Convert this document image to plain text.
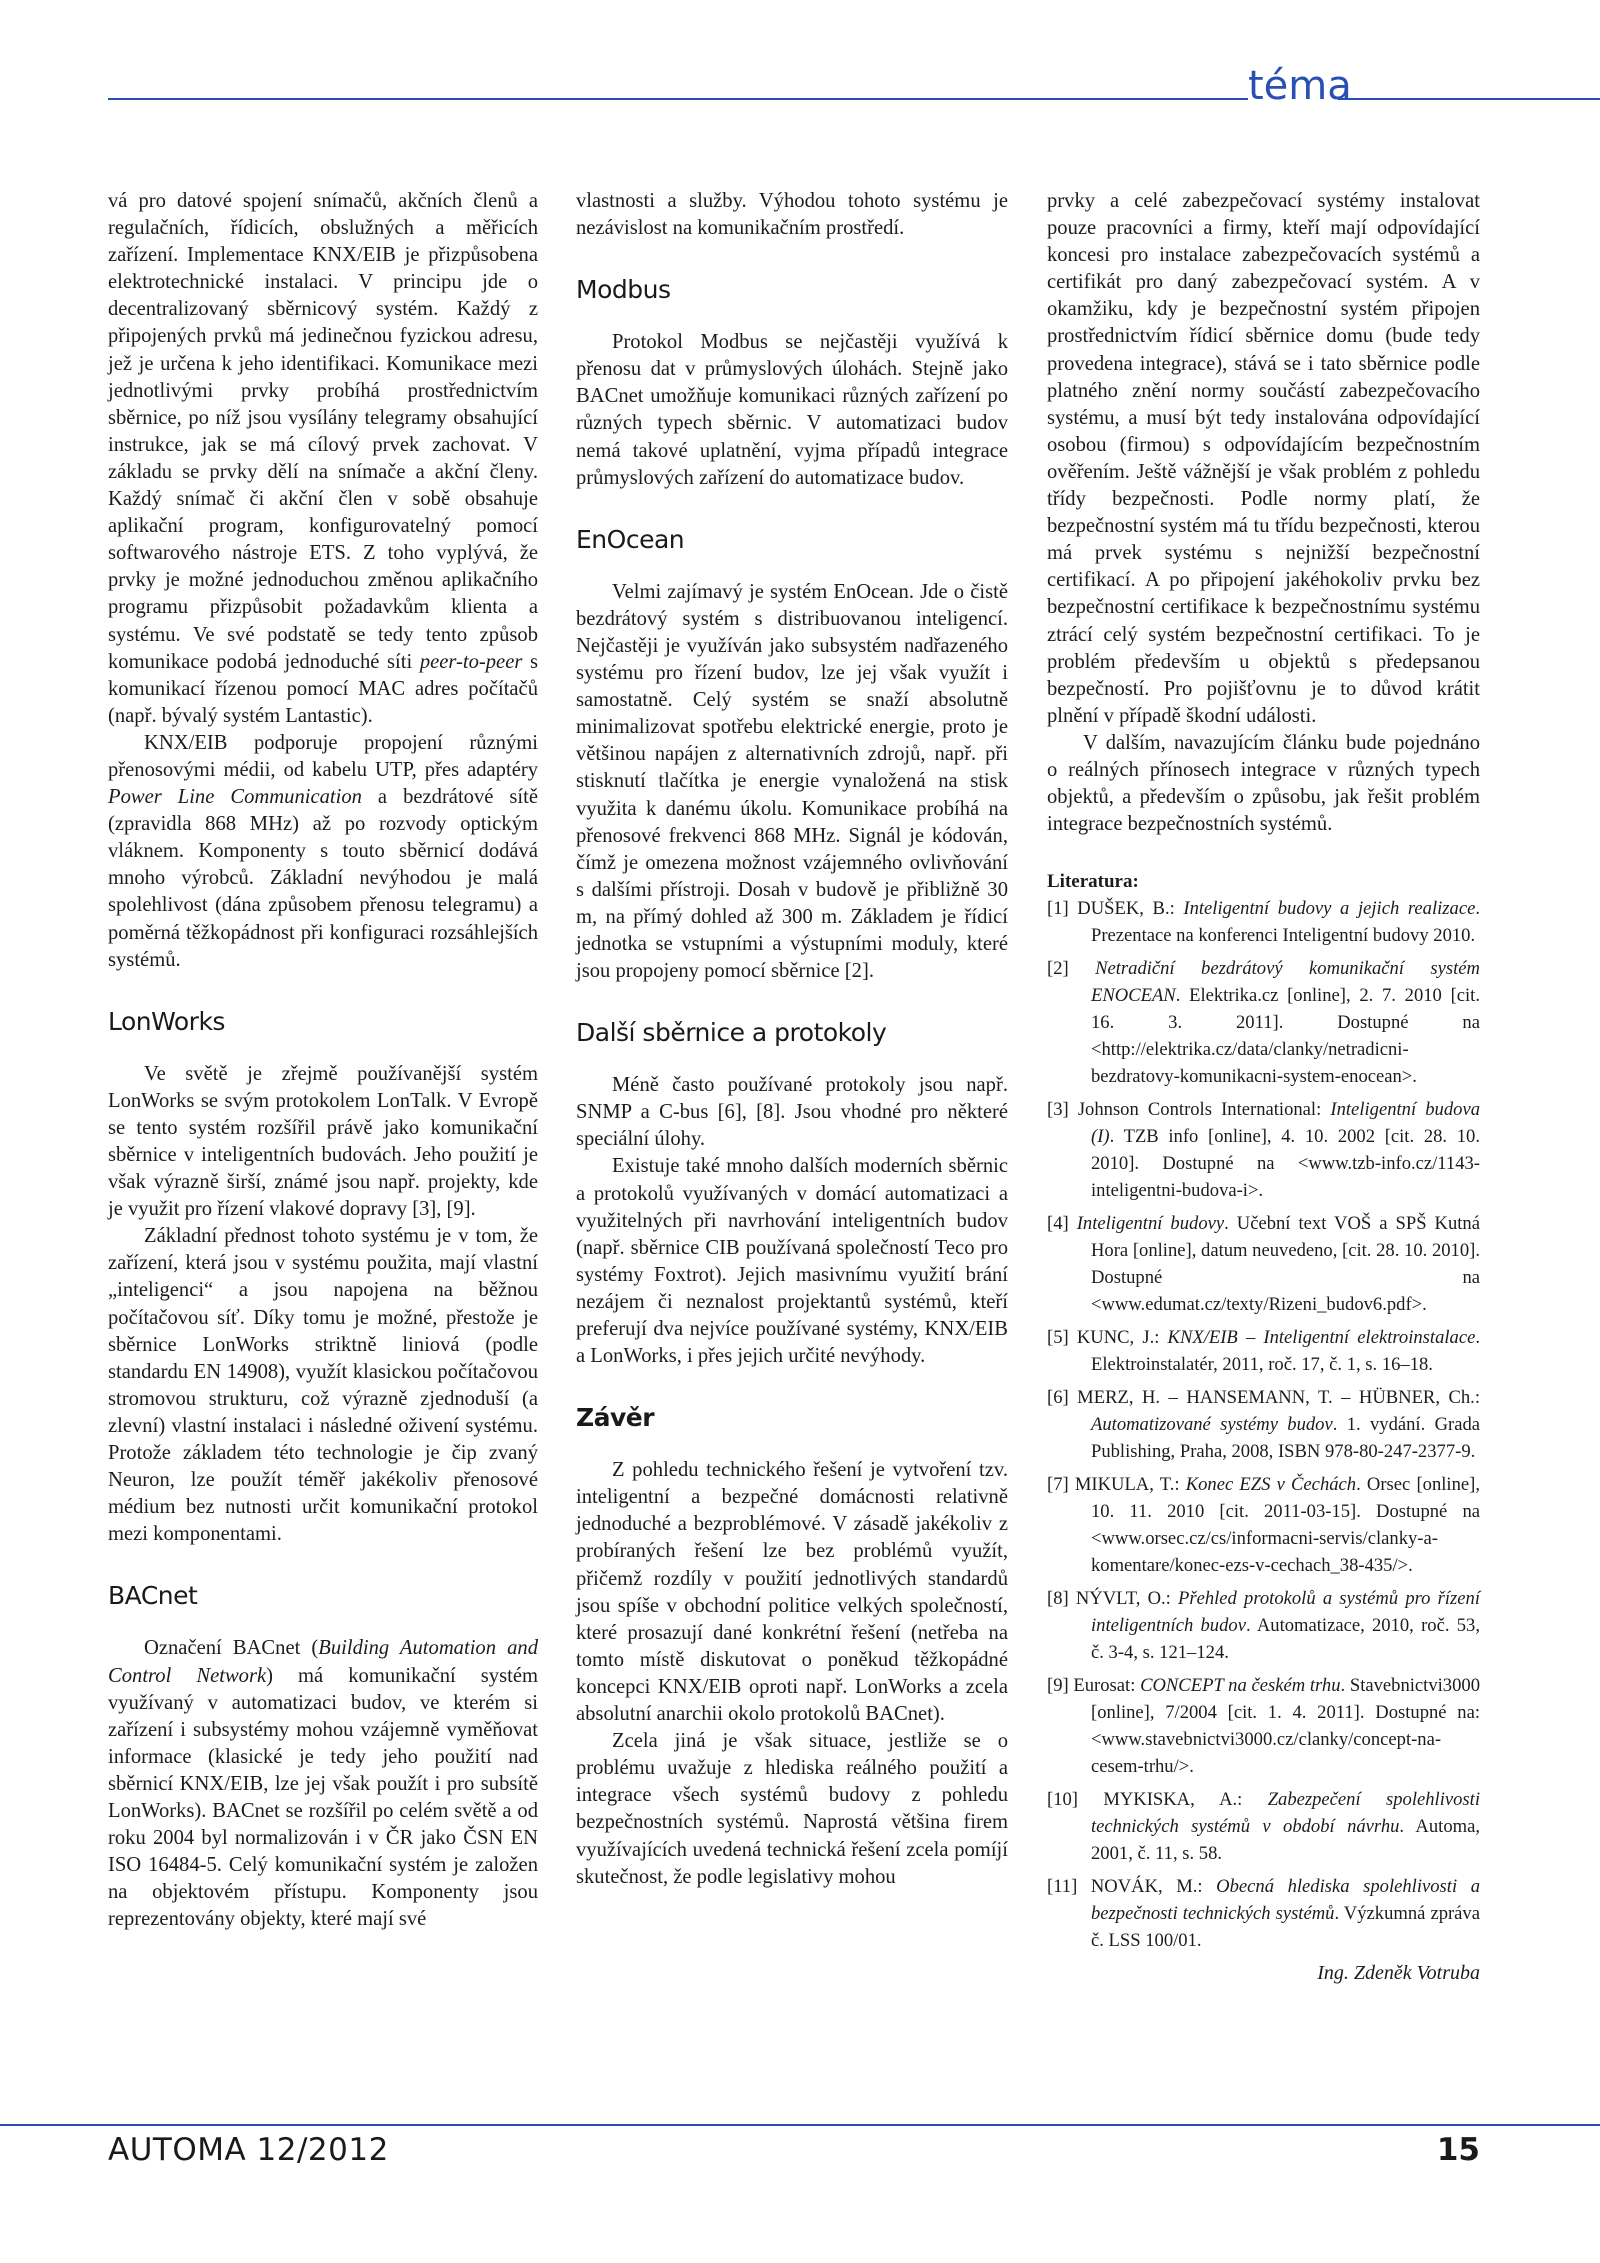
téma

vá pro datové spojení snímačů, akčních členů a regulačních, řídicích, obslužných a měřicích zařízení. Implementace KNX/EIB je přizpůsobena elektrotechnické instalaci. V principu jde o decentralizovaný sběrnicový systém. Každý z připojených prvků má jedinečnou fyzickou adresu, jež je určena k jeho identifikaci. Komunikace mezi jednotlivými prvky probíhá prostřednictvím sběrnice, po níž jsou vysílány telegramy obsahující instrukce, jak se má cílový prvek zachovat. V základu se prvky dělí na snímače a akční členy. Každý snímač či akční člen v sobě obsahuje aplikační program, konfigurovatelný pomocí softwarového nástroje ETS. Z toho vyplývá, že prvky je možné jednoduchou změnou aplikačního programu přizpůsobit požadavkům klienta a systému. Ve své podstatě se tedy tento způsob komunikace podobá jednoduché síti peer-to-peer s komunikací řízenou pomocí MAC adres počítačů (např. bývalý systém Lantastic).

KNX/EIB podporuje propojení různými přenosovými médii, od kabelu UTP, přes adaptéry Power Line Communication a bezdrátové sítě (zpravidla 868 MHz) až po rozvody optickým vláknem. Komponenty s touto sběrnicí dodává mnoho výrobců. Základní nevýhodou je malá spolehlivost (dána způsobem přenosu telegramu) a poměrná těžkopádnost při konfiguraci rozsáhlejších systémů.

LonWorks

Ve světě je zřejmě používanější systém LonWorks se svým protokolem LonTalk. V Evropě se tento systém rozšířil právě jako komunikační sběrnice v inteligentních budovách. Jeho použití je však výrazně širší, známé jsou např. projekty, kde je využit pro řízení vlakové dopravy [3], [9].

Základní přednost tohoto systému je v tom, že zařízení, která jsou v systému použita, mají vlastní „inteligenci“ a jsou napojena na běžnou počítačovou síť. Díky tomu je možné, přestože je sběrnice LonWorks striktně liniová (podle standardu EN 14908), využít klasickou počítačovou stromovou strukturu, což výrazně zjednoduší (a zlevní) vlastní instalaci i následné oživení systému. Protože základem této technologie je čip zvaný Neuron, lze použít téměř jakékoliv přenosové médium bez nutnosti určit komunikační protokol mezi komponentami.

BACnet

Označení BACnet (Building Automation and Control Network) má komunikační systém využívaný v automatizaci budov, ve kterém si zařízení i subsystémy mohou vzájemně vyměňovat informace (klasické je tedy jeho použití nad sběrnicí KNX/EIB, lze jej však použít i pro subsítě LonWorks). BACnet se rozšířil po celém světě a od roku 2004 byl normalizován i v ČR jako ČSN EN ISO 16484-5. Celý komunikační systém je založen na objektovém přístupu. Komponenty jsou reprezentovány objekty, které mají své

vlastnosti a služby. Výhodou tohoto systému je nezávislost na komunikačním prostředí.

Modbus

Protokol Modbus se nejčastěji využívá k přenosu dat v průmyslových úlohách. Stejně jako BACnet umožňuje komunikaci různých zařízení po různých typech sběrnic. V automatizaci budov nemá takové uplatnění, vyjma případů integrace průmyslových zařízení do automatizace budov.

EnOcean

Velmi zajímavý je systém EnOcean. Jde o čistě bezdrátový systém s distribuovanou inteligencí. Nejčastěji je využíván jako subsystém nadřazeného systému pro řízení budov, lze jej však využít i samostatně. Celý systém se snaží absolutně minimalizovat spotřebu elektrické energie, proto je většinou napájen z alternativních zdrojů, např. při stisknutí tlačítka je energie vynaložená na stisk využita k danému úkolu. Komunikace probíhá na přenosové frekvenci 868 MHz. Signál je kódován, čímž je omezena možnost vzájemného ovlivňování s dalšími přístroji. Dosah v budově je přibližně 30 m, na přímý dohled až 300 m. Základem je řídicí jednotka se vstupními a výstupními moduly, které jsou propojeny pomocí sběrnice [2].

Další sběrnice a protokoly

Méně často používané protokoly jsou např. SNMP a C-bus [6], [8]. Jsou vhodné pro některé speciální úlohy.

Existuje také mnoho dalších moderních sběrnic a protokolů využívaných v domácí automatizaci a využitelných při navrhování inteligentních budov (např. sběrnice CIB používaná společností Teco pro systémy Foxtrot). Jejich masivnímu využití brání nezájem či neznalost projektantů systémů, kteří preferují dva nejvíce používané systémy, KNX/EIB a LonWorks, i přes jejich určité nevýhody.

Závěr

Z pohledu technického řešení je vytvoření tzv. inteligentní a bezpečné domácnosti relativně jednoduché a bezproblémové. V zásadě jakékoliv z probíraných řešení lze bez problémů využít, přičemž rozdíly v použití jednotlivých standardů jsou spíše v obchodní politice velkých společností, které prosazují dané konkrétní řešení (netřeba na tomto místě diskutovat o poněkud těžkopádné koncepci KNX/EIB oproti např. LonWorks a zcela absolutní anarchii okolo protokolů BACnet).

Zcela jiná je však situace, jestliže se o problému uvažuje z hlediska reálného použití a integrace všech systémů budovy z pohledu bezpečnostních systémů. Naprostá většina firem využívajících uvedená technická řešení zcela pomíjí skutečnost, že podle legislativy mohou

prvky a celé zabezpečovací systémy instalovat pouze pracovníci a firmy, kteří mají odpovídající koncesi pro instalace zabezpečovacích systémů a certifikát pro daný zabezpečovací systém. A v okamžiku, kdy je bezpečnostní systém připojen prostřednictvím řídicí sběrnice domu (bude tedy provedena integrace), stává se i tato sběrnice podle platného znění normy součástí zabezpečovacího systému, a musí být tedy instalována odpovídající osobou (firmou) s odpovídajícím bezpečnostním ověřením. Ještě vážnější je však problém z pohledu třídy bezpečnosti. Podle normy platí, že bezpečnostní systém má tu třídu bezpečnosti, kterou má prvek systému s nejnižší bezpečnostní certifikací. A po připojení jakéhokoliv prvku bez bezpečnostní certifikace k bezpečnostnímu systému ztrácí celý systém bezpečnostní certifikaci. To je problém především u objektů s předepsanou bezpečností. Pro pojišťovnu je to důvod krátit plnění v případě škodní události.

V dalším, navazujícím článku bude pojednáno o reálných přínosech integrace v různých typech objektů, a především o způsobu, jak řešit problém integrace bezpečnostních systémů.

Literatura:
[1] DUŠEK, B.: Inteligentní budovy a jejich realizace. Prezentace na konferenci Inteligentní budovy 2010.
[2] Netradiční bezdrátový komunikační systém ENOCEAN. Elektrika.cz [online], 2. 7. 2010 [cit. 16. 3. 2011]. Dostupné na <http://elektrika.cz/data/clanky/netradicni-bezdratovy-komunikacni-system-enocean>.
[3] Johnson Controls International: Inteligentní budova (I). TZB info [online], 4. 10. 2002 [cit. 28. 10. 2010]. Dostupné na <www.tzb-info.cz/1143-inteligentni-budova-i>.
[4] Inteligentní budovy. Učební text VOŠ a SPŠ Kutná Hora [online], datum neuvedeno, [cit. 28. 10. 2010]. Dostupné na <www.edumat.cz/texty/Rizeni_budov6.pdf>.
[5] KUNC, J.: KNX/EIB – Inteligentní elektroinstalace. Elektroinstalatér, 2011, roč. 17, č. 1, s. 16–18.
[6] MERZ, H. – HANSEMANN, T. – HÜBNER, Ch.: Automatizované systémy budov. 1. vydání. Grada Publishing, Praha, 2008, ISBN 978-80-247-2377-9.
[7] MIKULA, T.: Konec EZS v Čechách. Orsec [online], 10. 11. 2010 [cit. 2011-03-15]. Dostupné na <www.orsec.cz/cs/informacni-servis/clanky-a-komentare/konec-ezs-v-cechach_38-435/>.
[8] NÝVLT, O.: Přehled protokolů a systémů pro řízení inteligentních budov. Automatizace, 2010, roč. 53, č. 3-4, s. 121–124.
[9] Eurosat: CONCEPT na českém trhu. Stavebnictvi3000 [online], 7/2004 [cit. 1. 4. 2011]. Dostupné na: <www.stavebnictvi3000.cz/clanky/concept-na-cesem-trhu/>.
[10] MYKISKA, A.: Zabezpečení spolehlivosti technických systémů v období návrhu. Automa, 2001, č. 11, s. 58.
[11] NOVÁK, M.: Obecná hlediska spolehlivosti a bezpečnosti technických systémů. Výzkumná zpráva č. LSS 100/01.
Ing. Zdeněk Votruba
AUTOMA 12/2012	15
